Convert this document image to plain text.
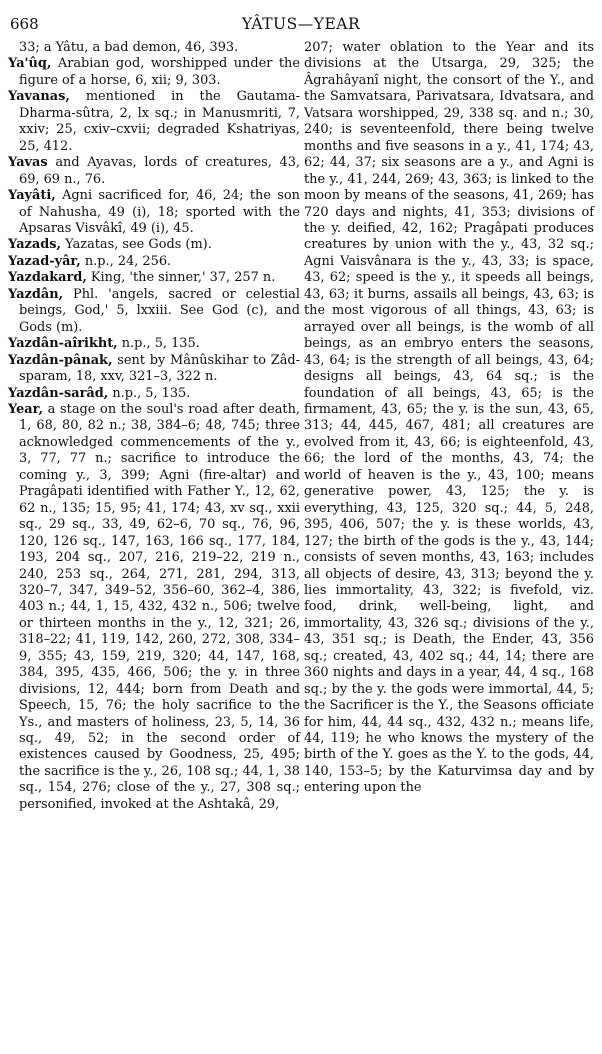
668	YÂTUS—YEAR
33; a Yâtu, a bad demon, 46, 393.
Ya'ûq, Arabian god, worshipped under the figure of a horse, 6, xii; 9, 303.
Yavanas, mentioned in the Gautama-Dharma-sûtra, 2, lx sq.; in Manusmriti, 7, xxiv; 25, cxiv–cxvii; degraded Kshatriyas, 25, 412.
Yavas and Ayavas, lords of creatures, 43, 69, 69 n., 76.
Yayâti, Agni sacrificed for, 46, 24; the son of Nahusha, 49 (i), 18; sported with the Apsaras Visvâkî, 49 (i), 45.
Yazads, Yazatas, see Gods (m).
Yazad-yâr, n.p., 24, 256.
Yazdakard, King, 'the sinner,' 37, 257 n.
Yazdân, Phl. 'angels, sacred or celestial beings, God,' 5, lxxiii. See God (c), and Gods (m).
Yazdân-aîrikht, n.p., 5, 135.
Yazdân-pânak, sent by Mânûskihar to Zâd-sparam, 18, xxv, 321–3, 322 n.
Yazdân-sarâd, n.p., 5, 135.
Year, a stage on the soul's road after death, 1, 68, 80, 82 n.; 38, 384–6; 48, 745; three acknowledged commencements of the y., 3, 77, 77 n.; sacrifice to introduce the coming y., 3, 399; Agni (fire-altar) and Pragâpati identified with Father Y., 12, 62, 62 n., 135; 15, 95; 41, 174; 43, xv sq., xxii sq., 29 sq., 33, 49, 62–6, 70 sq., 76, 96, 120, 126 sq., 147, 163, 166 sq., 177, 184, 193, 204 sq., 207, 216, 219–22, 219 n., 240, 253 sq., 264, 271, 281, 294, 313, 320–7, 347, 349–52, 356–60, 362–4, 386, 403 n.; 44, 1, 15, 432, 432 n., 506; twelve or thirteen months in the y., 12, 321; 26, 318–22; 41, 119, 142, 260, 272, 308, 334–9, 355; 43, 159, 219, 320; 44, 147, 168, 384, 395, 435, 466, 506; the y. in three divisions, 12, 444; born from Death and Speech, 15, 76; the holy sacrifice to the Ys., and masters of holiness, 23, 5, 14, 36 sq., 49, 52; in the second order of existences caused by Goodness, 25, 495; the sacrifice is the y., 26, 108 sq.; 44, 1, 38 sq., 154, 276; close of the y., 27, 308 sq.; personified, invoked at the Ashtakâ, 29,
207; water oblation to the Year and its divisions at the Utsarga, 29, 325; the Âgrahâyanî night, the consort of the Y., and the Samvatsara, Parivatsara, Idvatsara, and Vatsara worshipped, 29, 338 sq. and n.; 30, 240; is seventeenfold, there being twelve months and five seasons in a y., 41, 174; 43, 62; 44, 37; six seasons are a y., and Agni is the y., 41, 244, 269; 43, 363; is linked to the moon by means of the seasons, 41, 269; has 720 days and nights, 41, 353; divisions of the y. deified, 42, 162; Pragâpati produces creatures by union with the y., 43, 32 sq.; Agni Vaisvânara is the y., 43, 33; is space, 43, 62; speed is the y., it speeds all beings, 43, 63; it burns, assails all beings, 43, 63; is the most vigorous of all things, 43, 63; is arrayed over all beings, is the womb of all beings, as an embryo enters the seasons, 43, 64; is the strength of all beings, 43, 64; designs all beings, 43, 64 sq.; is the foundation of all beings, 43, 65; is the firmament, 43, 65; the y. is the sun, 43, 65, 313; 44, 445, 467, 481; all creatures are evolved from it, 43, 66; is eighteenfold, 43, 66; the lord of the months, 43, 74; the world of heaven is the y., 43, 100; means generative power, 43, 125; the y. is everything, 43, 125, 320 sq.; 44, 5, 248, 395, 406, 507; the y. is these worlds, 43, 127; the birth of the gods is the y., 43, 144; consists of seven months, 43, 163; includes all objects of desire, 43, 313; beyond the y. lies immortality, 43, 322; is fivefold, viz. food, drink, well-being, light, and immortality, 43, 326 sq.; divisions of the y., 43, 351 sq.; is Death, the Ender, 43, 356 sq.; created, 43, 402 sq.; 44, 14; there are 360 nights and days in a year, 44, 4 sq., 168 sq.; by the y. the gods were immortal, 44, 5; the Sacrificer is the Y., the Seasons officiate for him, 44, 44 sq., 432, 432 n.; means life, 44, 119; he who knows the mystery of the birth of the Y. goes as the Y. to the gods, 44, 140, 153–5; by the Katurvimsa day and by entering upon the
